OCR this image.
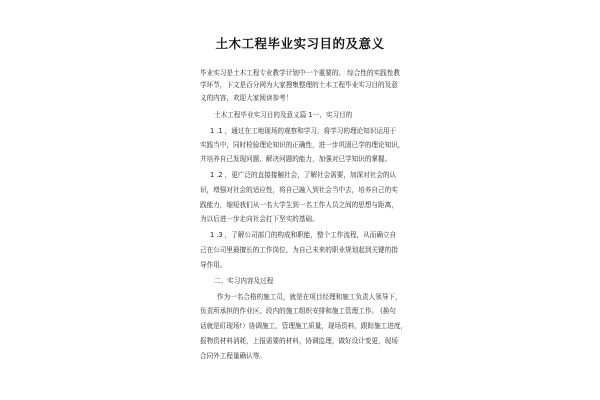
土木工程毕业实习目的及意义
毕业实习是土木工程专业教学计划中一个重要的、 综合性的实践性教
学环节，下文是百分网为大家搜集整理的土木工程毕业实习目的及意
义的内容，欢迎大家阅读参考！
土木工程毕业实习目的及意义篇 1一、实习目的
1 .1 ，通过在工地现场的观察和学习，将学习的理论知识运用于
实践当中，同时检验理论知识的正确性，进一步巩固已学的理论知识，
并培养自己发现问题、解决问题的能力，加强对已学知识的掌握。
1 .2 ，更广泛的直接接触社会，了解社会需要，加深对社会的认
识，增强对社会的适应性，将自己融入到社会当中去，培养自己的实
践能力，缩短我们从一名大学生到一名工作人员之间的思想与距离，
为以后进一步走向社会打下坚实的基础。
1 .3 ，了解公司部门的构成和职能，整个工作流程，从而确立自
己在公司里最擅长的工作岗位，为自己未来的职业规划起到关键的指
导作用。
二、实习内容及过程
作为一名合格的施工员，就是在项目经理和施工负责人领导下，
负责所承担的作业区、段内的施工组织安排和施工管理工作。 (换句
话就是盯现场!）协调施工，管理施工质量，现场资料，跟踪施工进度，
报物资材料消耗，上报需要的材料，协调监理，做好设计变更，现场
合同外工程量确认等。
